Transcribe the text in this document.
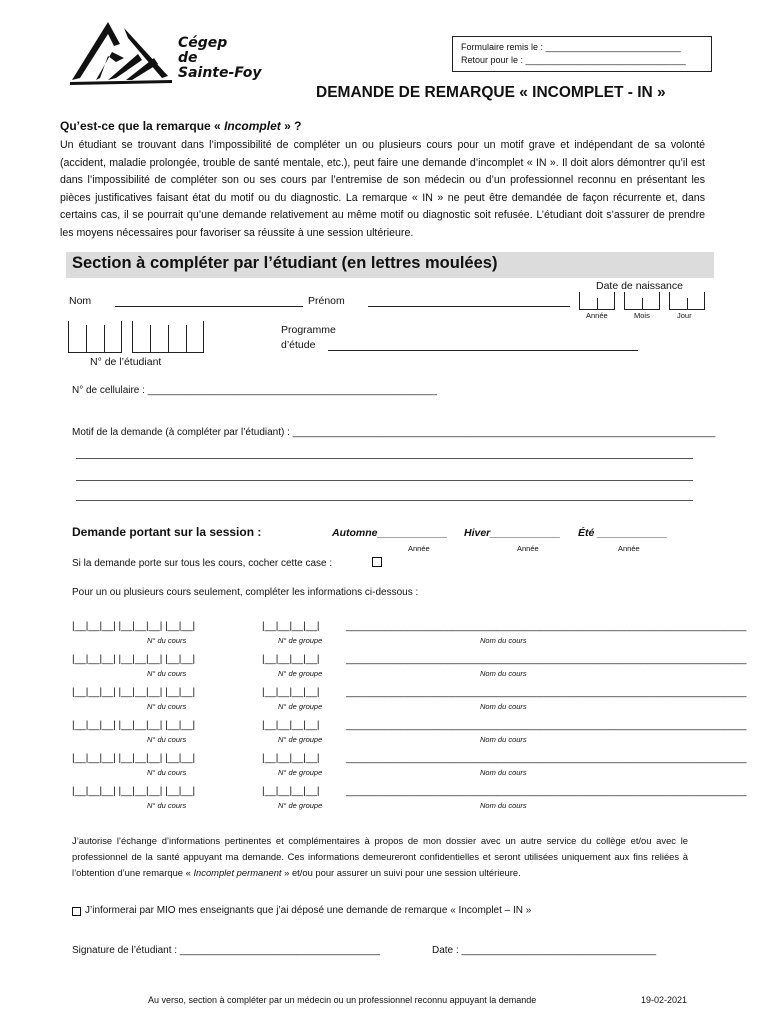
Cégep
de
Sainte-Foy
Formulaire remis le : ___________________________
Retour pour le : ________________________________
DEMANDE DE REMARQUE « INCOMPLET - IN »
Qu’est-ce que la remarque « Incomplet » ?
Un étudiant se trouvant dans l’impossibilité de compléter un ou plusieurs cours pour un motif grave et indépendant de sa volonté (accident, maladie prolongée, trouble de santé mentale, etc.), peut faire une demande d’incomplet « IN ». Il doit alors démontrer qu’il est dans l’impossibilité de compléter son ou ses cours par l’entremise de son médecin ou d’un professionnel reconnu en présentant les pièces justificatives faisant état du motif ou du diagnostic. La remarque « IN » ne peut être demandée de façon récurrente et, dans certains cas, il se pourrait qu’une demande relativement au même motif ou diagnostic soit refusée. L’étudiant doit s’assurer de prendre les moyens nécessaires pour favoriser sa réussite à une session ultérieure.
Section à compléter par l’étudiant (en lettres moulées)
Date de naissance
Année	Mois	Jour
Nom	Prénom
N° de l’étudiant
Programme
d’étude
N° de cellulaire : ____________________________________________________
Motif de la demande (à compléter par l’étudiant) : ____________________________________________________________________________
Demande portant sur la session :	Automne____________ Hiver____________ Été ____________
Année	Année	Année
Si la demande porte sur tous les cours, cocher cette case :
Pour un ou plusieurs cours seulement, compléter les informations ci-dessous :
|__|__|__| |__|__|__| |__|__|	|__|__|__|__|	________________________________________________________________________
N° du cours	N° de groupe	Nom du cours
|__|__|__| |__|__|__| |__|__|	|__|__|__|__|	________________________________________________________________________
N° du cours	N° de groupe	Nom du cours
|__|__|__| |__|__|__| |__|__|	|__|__|__|__|	________________________________________________________________________
N° du cours	N° de groupe	Nom du cours
|__|__|__| |__|__|__| |__|__|	|__|__|__|__|	________________________________________________________________________
N° du cours	N° de groupe	Nom du cours
|__|__|__| |__|__|__| |__|__|	|__|__|__|__|	________________________________________________________________________
N° du cours	N° de groupe	Nom du cours
|__|__|__| |__|__|__| |__|__|	|__|__|__|__|	________________________________________________________________________
N° du cours	N° de groupe	Nom du cours
J’autorise l’échange d’informations pertinentes et complémentaires à propos de mon dossier avec un autre service du collège et/ou avec le professionnel de la santé appuyant ma demande. Ces informations demeureront confidentielles et seront utilisées uniquement aux fins reliées à l’obtention d’une remarque « Incomplet permanent » et/ou pour assurer un suivi pour une session ultérieure.
J’informerai par MIO mes enseignants que j’ai déposé une demande de remarque « Incomplet – IN »
Signature de l’étudiant : ____________________________________	Date : ___________________________________
Au verso, section à compléter par un médecin ou un professionnel reconnu appuyant la demande	19-02-2021
